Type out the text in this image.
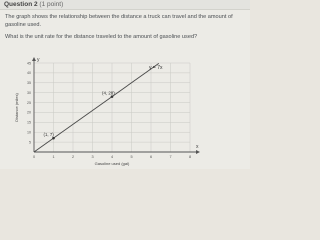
Question 2 (1 point)
The graph shows the relationship between the distance a truck can travel and the amount of gasoline used.
What is the unit rate for the distance traveled to the amount of gasoline used?
0	1	2	3	4	5	6	7	8
5
10
15
20
25
30
35
40
45
(4, 28)
(1, 7)
y
x
Distance (miles)
Gasoline used (gal)
y = 7x
